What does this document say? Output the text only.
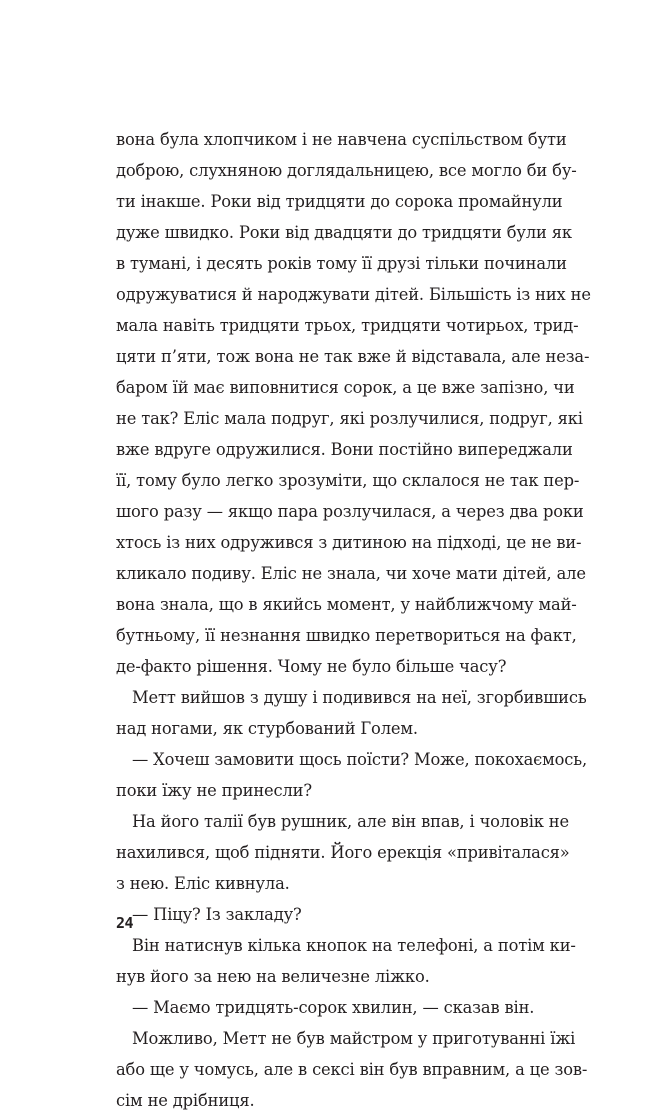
вона була хлопчиком і не навчена суспільством бути
доброю, слухняною доглядальницею, все могло би бу-
ти інакше. Роки від тридцяти до сорока промайнули
дуже швидко. Роки від двадцяти до тридцяти були як
в тумані, і десять років тому її друзі тільки починали
одружуватися й народжувати дітей. Більшість із них не
мала навіть тридцяти трьох, тридцяти чотирьох, трид-
цяти п’яти, тож вона не так вже й відставала, але неза-
баром їй має виповнитися сорок, а це вже запізно, чи
не так? Еліс мала подруг, які розлучилися, подруг, які
вже вдруге одружилися. Вони постійно випереджали
її, тому було легко зрозуміти, що склалося не так пер-
шого разу — якщо пара розлучилася, а через два роки
хтось із них одружився з дитиною на підході, це не ви-
кликало подиву. Еліс не знала, чи хоче мати дітей, але
вона знала, що в якийсь момент, у найближчому май-
бутньому, її незнання швидко перетвориться на факт,
де-факто рішення. Чому не було більше часу?
Метт вийшов з душу і подивився на неї, згорбившись
над ногами, як стурбований Голем.
— Хочеш замовити щось поїсти? Може, покохаємось,
поки їжу не принесли?
На його талії був рушник, але він впав, і чоловік не
нахилився, щоб підняти. Його ерекція «привіталася»
з нею. Еліс кивнула.
— Піцу? Із закладу?
Він натиснув кілька кнопок на телефоні, а потім ки-
нув його за нею на величезне ліжко.
— Маємо тридцять-сорок хвилин, — сказав він.
Можливо, Метт не був майстром у приготуванні їжі
або ще у чомусь, але в сексі він був вправним, а це зов-
сім не дрібниця.
24
